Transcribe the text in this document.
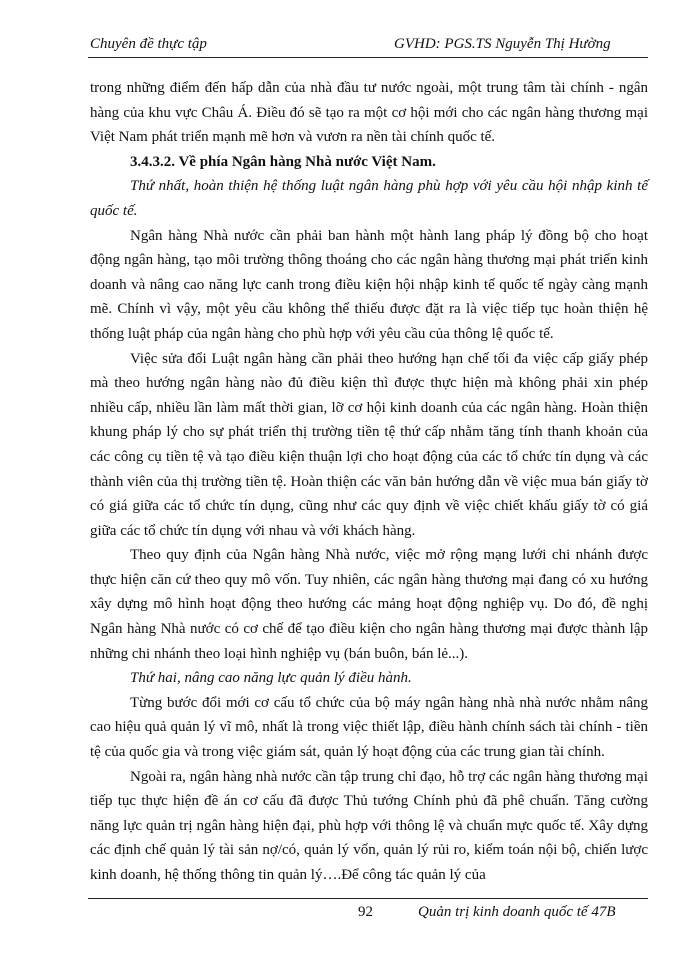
Chuyên đề thực tập	GVHD: PGS.TS Nguyễn Thị Hường

trong những điểm đến hấp dẫn của nhà đầu tư nước ngoài, một trung tâm tài chính - ngân hàng của khu vực Châu Á. Điều đó sẽ tạo ra một cơ hội mới cho các ngân hàng thương mại Việt Nam phát triển mạnh mẽ hơn và vươn ra nền tài chính quốc tế.

3.4.3.2. Về phía Ngân hàng Nhà nước Việt Nam.

Thứ nhất, hoàn thiện hệ thống luật ngân hàng phù hợp với yêu cầu hội nhập kinh tế quốc tế.

Ngân hàng Nhà nước cần phải ban hành một hành lang pháp lý đồng bộ cho hoạt động ngân hàng, tạo môi trường thông thoáng cho các ngân hàng thương mại phát triển kinh doanh và nâng cao năng lực canh trong điều kiện hội nhập kinh tế quốc tế ngày càng mạnh mẽ. Chính vì vậy, một yêu cầu không thể thiếu được đặt ra là việc tiếp tục hoàn thiện hệ thống luật pháp của ngân hàng cho phù hợp với yêu cầu của thông lệ quốc tế.

Việc sửa đổi Luật ngân hàng cần phải theo hướng hạn chế tối đa việc cấp giấy phép mà theo hướng ngân hàng nào đủ điều kiện thì được thực hiện mà không phải xin phép nhiều cấp, nhiều lần làm mất thời gian, lỡ cơ hội kinh doanh của các ngân hàng. Hoàn thiện khung pháp lý cho sự phát triển thị trường tiền tệ thứ cấp nhằm tăng tính thanh khoản của các công cụ tiền tệ và tạo điều kiện thuận lợi cho hoạt động của các tổ chức tín dụng và các thành viên của thị trường tiền tệ. Hoàn thiện các văn bản hướng dẫn về việc mua bán giấy tờ có giá giữa các tổ chức tín dụng, cũng như các quy định về việc chiết khấu giấy tờ có giá giữa các tổ chức tín dụng với nhau và với khách hàng.

Theo quy định của Ngân hàng Nhà nước, việc mở rộng mạng lưới chi nhánh được thực hiện căn cứ theo quy mô vốn. Tuy nhiên, các ngân hàng thương mại đang có xu hướng xây dựng mô hình hoạt động theo hướng các mảng hoạt động nghiệp vụ. Do đó, đề nghị Ngân hàng Nhà nước có cơ chế để tạo điều kiện cho ngân hàng thương mại được thành lập những chi nhánh theo loại hình nghiệp vụ (bán buôn, bán lẻ...).

Thứ hai, nâng cao năng lực quản lý điều hành.

Từng bước đổi mới cơ cấu tổ chức của bộ máy ngân hàng nhà nhà nước nhằm nâng cao hiệu quả quản lý vĩ mô, nhất là trong việc thiết lập, điều hành chính sách tài chính - tiền tệ của quốc gia và trong việc giám sát, quản lý hoạt động của các trung gian tài chính.

Ngoài ra, ngân hàng nhà nước cần tập trung chỉ đạo, hỗ trợ các ngân hàng thương mại tiếp tục thực hiện đề án cơ cấu đã được Thủ tướng Chính phủ đã phê chuẩn. Tăng cường năng lực quản trị ngân hàng hiện đại, phù hợp với thông lệ và chuẩn mực quốc tế. Xây dựng các định chế quản lý tài sản nợ/có, quản lý vốn, quản lý rủi ro, kiểm toán nội bộ, chiến lược kinh doanh, hệ thống thông tin quản lý….Để công tác quản lý của

92	Quản trị kinh doanh quốc tế 47B
